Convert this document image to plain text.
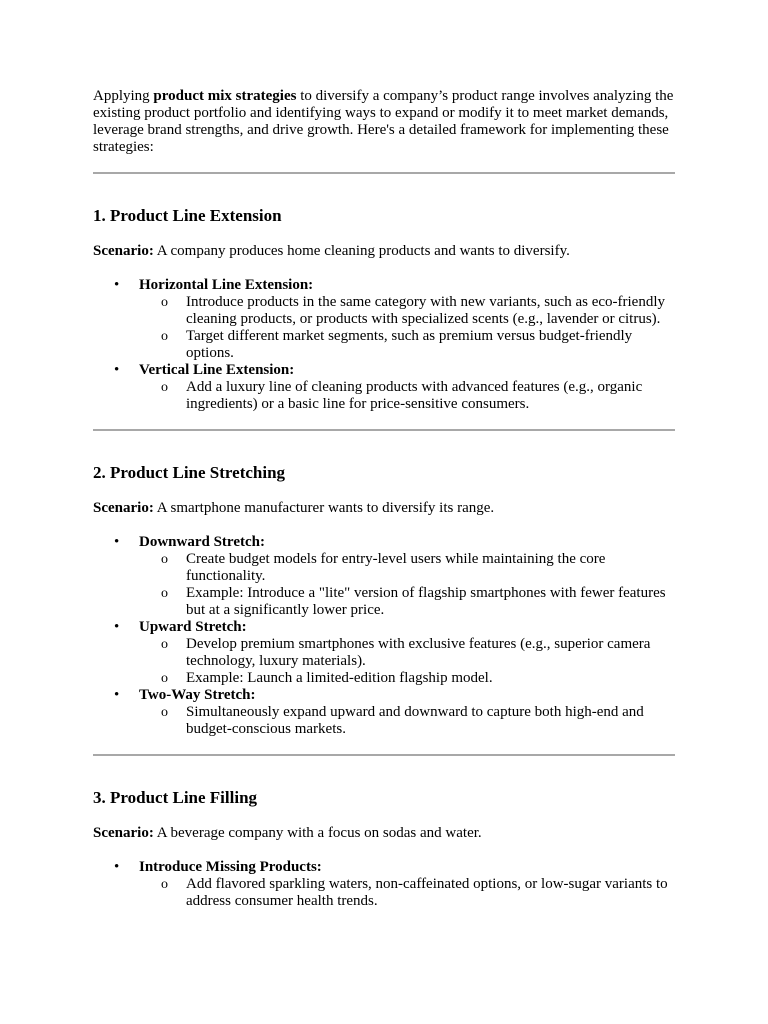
Applying product mix strategies to diversify a company’s product range involves analyzing the existing product portfolio and identifying ways to expand or modify it to meet market demands, leverage brand strengths, and drive growth. Here's a detailed framework for implementing these strategies:

1. Product Line Extension

Scenario: A company produces home cleaning products and wants to diversify.

• Horizontal Line Extension:
o Introduce products in the same category with new variants, such as eco-friendly cleaning products, or products with specialized scents (e.g., lavender or citrus).
o Target different market segments, such as premium versus budget-friendly options.
• Vertical Line Extension:
o Add a luxury line of cleaning products with advanced features (e.g., organic ingredients) or a basic line for price-sensitive consumers.
2. Product Line Stretching

Scenario: A smartphone manufacturer wants to diversify its range.

• Downward Stretch:
o Create budget models for entry-level users while maintaining the core functionality.
o Example: Introduce a "lite" version of flagship smartphones with fewer features but at a significantly lower price.
• Upward Stretch:
o Develop premium smartphones with exclusive features (e.g., superior camera technology, luxury materials).
o Example: Launch a limited-edition flagship model.
• Two-Way Stretch:
o Simultaneously expand upward and downward to capture both high-end and budget-conscious markets.
3. Product Line Filling

Scenario: A beverage company with a focus on sodas and water.

• Introduce Missing Products:
o Add flavored sparkling waters, non-caffeinated options, or low-sugar variants to address consumer health trends.
